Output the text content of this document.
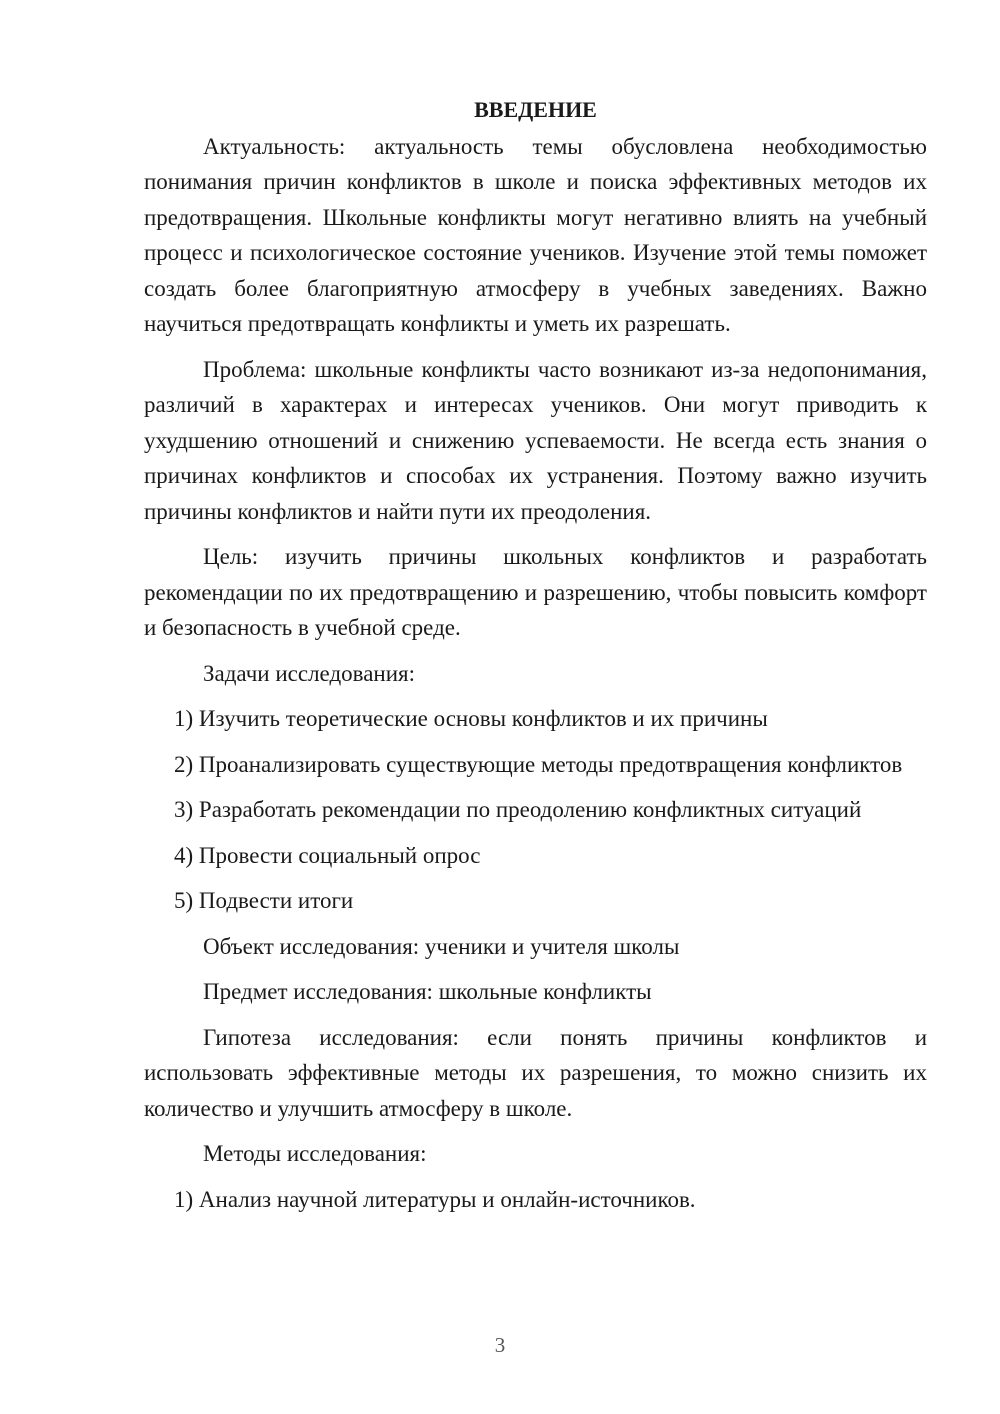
ВВЕДЕНИЕ

Актуальность: актуальность темы обусловлена необходимостью понимания причин конфликтов в школе и поиска эффективных методов их предотвращения. Школьные конфликты могут негативно влиять на учебный процесс и психологическое состояние учеников. Изучение этой темы поможет создать более благоприятную атмосферу в учебных заведениях. Важно научиться предотвращать конфликты и уметь их разрешать.

Проблема: школьные конфликты часто возникают из-за недопонимания, различий в характерах и интересах учеников. Они могут приводить к ухудшению отношений и снижению успеваемости. Не всегда есть знания о причинах конфликтов и способах их устранения. Поэтому важно изучить причины конфликтов и найти пути их преодоления.

Цель: изучить причины школьных конфликтов и разработать рекомендации по их предотвращению и разрешению, чтобы повысить комфорт и безопасность в учебной среде.

Задачи исследования:

1) Изучить теоретические основы конфликтов и их причины

2) Проанализировать существующие методы предотвращения конфликтов

3) Разработать рекомендации по преодолению конфликтных ситуаций

4) Провести социальный опрос

5) Подвести итоги

Объект исследования: ученики и учителя школы

Предмет исследования: школьные конфликты

Гипотеза исследования: если понять причины конфликтов и использовать эффективные методы их разрешения, то можно снизить их количество и улучшить атмосферу в школе.

Методы исследования:

1) Анализ научной литературы и онлайн-источников.

3
